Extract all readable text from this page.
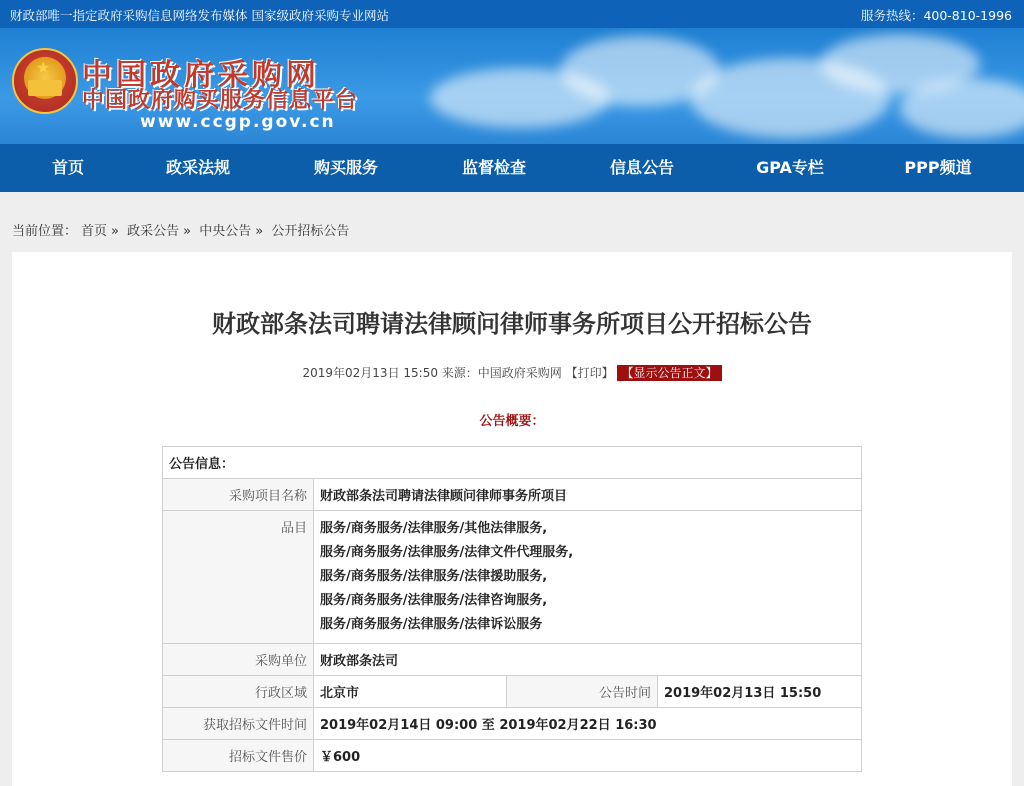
财政部唯一指定政府采购信息网络发布媒体 国家级政府采购专业网站	服务热线：400-810-1996
★ 中国政府采购网
中国政府购买服务信息平台
www.ccgp.gov.cn
首页	政采法规	购买服务	监督检查	信息公告	GPA专栏	PPP频道
当前位置： 首页 » 政采公告 » 中央公告 » 公开招标公告
财政部条法司聘请法律顾问律师事务所项目公开招标公告
2019年02月13日 15:50 来源：中国政府采购网 【打印】 【显示公告正文】
公告概要：
公告信息：			
采购项目名称	财政部条法司聘请法律顾问律师事务所项目		
品目	服务/商务服务/法律服务/其他法律服务,
服务/商务服务/法律服务/法律文件代理服务,
服务/商务服务/法律服务/法律援助服务,
服务/商务服务/法律服务/法律咨询服务,
服务/商务服务/法律服务/法律诉讼服务		

采购单位	财政部条法司		
行政区域	北京市	公告时间	2019年02月13日 15:50
获取招标文件时间	2019年02月14日 09:00 至 2019年02月22日 16:30		
招标文件售价	￥600		
